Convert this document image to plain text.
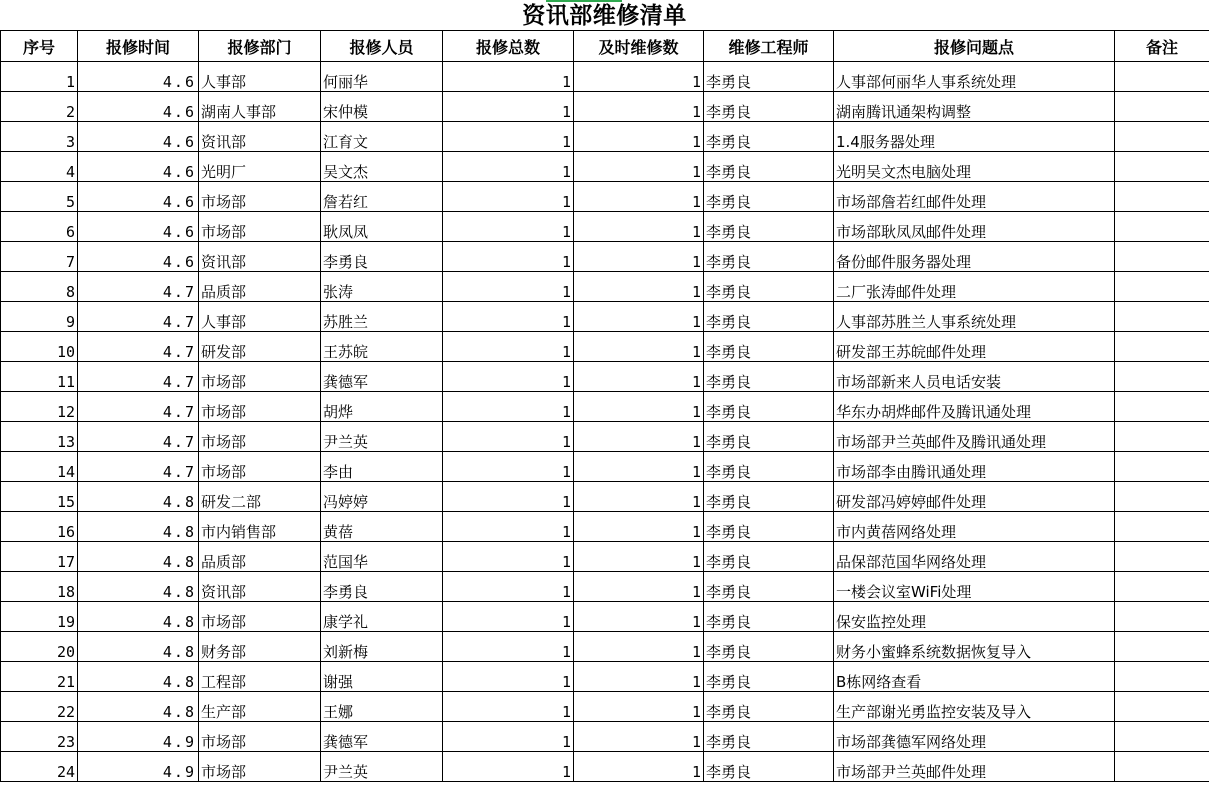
资讯部维修清单
序号	报修时间	报修部门	报修人员	报修总数	及时维修数	维修工程师	报修问题点	备注
1	4.6	人事部	何丽华	1	1	李勇良	人事部何丽华人事系统处理	
2	4.6	湖南人事部	宋仲模	1	1	李勇良	湖南腾讯通架构调整	
3	4.6	资讯部	江育文	1	1	李勇良	1.4服务器处理	
4	4.6	光明厂	吴文杰	1	1	李勇良	光明吴文杰电脑处理	
5	4.6	市场部	詹若红	1	1	李勇良	市场部詹若红邮件处理	
6	4.6	市场部	耿凤凤	1	1	李勇良	市场部耿凤凤邮件处理	
7	4.6	资讯部	李勇良	1	1	李勇良	备份邮件服务器处理	
8	4.7	品质部	张涛	1	1	李勇良	二厂张涛邮件处理	
9	4.7	人事部	苏胜兰	1	1	李勇良	人事部苏胜兰人事系统处理	
10	4.7	研发部	王苏皖	1	1	李勇良	研发部王苏皖邮件处理	
11	4.7	市场部	龚德军	1	1	李勇良	市场部新来人员电话安装	
12	4.7	市场部	胡烨	1	1	李勇良	华东办胡烨邮件及腾讯通处理	
13	4.7	市场部	尹兰英	1	1	李勇良	市场部尹兰英邮件及腾讯通处理	
14	4.7	市场部	李由	1	1	李勇良	市场部李由腾讯通处理	
15	4.8	研发二部	冯婷婷	1	1	李勇良	研发部冯婷婷邮件处理	
16	4.8	市内销售部	黄蓓	1	1	李勇良	市内黄蓓网络处理	
17	4.8	品质部	范国华	1	1	李勇良	品保部范国华网络处理	
18	4.8	资讯部	李勇良	1	1	李勇良	一楼会议室WiFi处理	
19	4.8	市场部	康学礼	1	1	李勇良	保安监控处理	
20	4.8	财务部	刘新梅	1	1	李勇良	财务小蜜蜂系统数据恢复导入	
21	4.8	工程部	谢强	1	1	李勇良	B栋网络查看	
22	4.8	生产部	王娜	1	1	李勇良	生产部谢光勇监控安装及导入	
23	4.9	市场部	龚德军	1	1	李勇良	市场部龚德军网络处理	
24	4.9	市场部	尹兰英	1	1	李勇良	市场部尹兰英邮件处理	
